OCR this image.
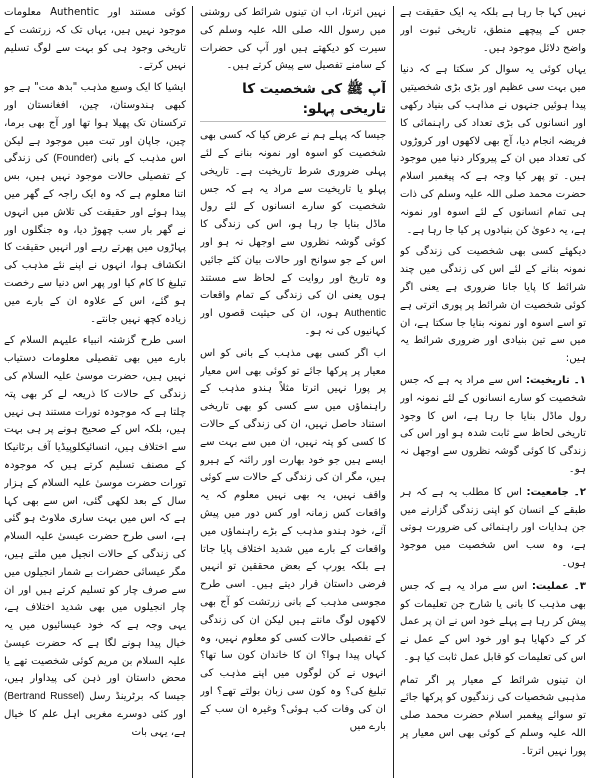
نہیں کہا جا رہا ہے بلکہ یہ ایک حقیقت ہے جس کے پیچھے منطق، تاریخی ثبوت اور واضح دلائل موجود ہیں۔

یہاں کوئی یہ سوال کر سکتا ہے کہ دنیا میں بہت سی عظیم اور بڑی بڑی شخصیتیں پیدا ہوئیں جنہوں نے مذاہب کی بنیاد رکھی اور انسانوں کی بڑی تعداد کی راہنمائی کا فریضہ انجام دیا، آج بھی لاکھوں اور کروڑوں کی تعداد میں ان کے پیروکار دنیا میں موجود ہیں۔ تو پھر کیا وجہ ہے کہ پیغمبر اسلام حضرت محمد صلی اللہ علیہ وسلم کی ذات ہی تمام انسانوں کے لئے اسوہ اور نمونہ ہے، یہ دعویٰ کن بنیادوں پر کیا جا رہا ہے۔

دیکھئے کسی بھی شخصیت کی زندگی کو نمونہ بنانے کے لئے اس کی زندگی میں چند شرائط کا پایا جانا ضروری ہے یعنی اگر کوئی شخصیت ان شرائط پر پوری اترتی ہے تو اسے اسوہ اور نمونہ بنایا جا سکتا ہے، ان میں سے تین بنیادی اور ضروری شرائط یہ ہیں:

۱۔ تاریخیت: اس سے مراد یہ ہے کہ جس شخصیت کو سارے انسانوں کے لئے نمونہ اور رول ماڈل بنایا جا رہا ہے، اس کا وجود تاریخی لحاظ سے ثابت شدہ ہو اور اس کی زندگی کا کوئی گوشہ نظروں سے اوجھل نہ ہو۔
۲۔ جامعیت: اس کا مطلب یہ ہے کہ ہر طبقے کے انسان کو اپنی زندگی گزارنے میں جن ہدایات اور راہنمائی کی ضرورت ہوتی ہے، وہ سب اس شخصیت میں موجود ہوں۔
۳۔ عملیت: اس سے مراد یہ ہے کہ جس بھی مذہب کا بانی یا شارح جن تعلیمات کو پیش کر رہا ہے پہلے خود اس نے ان پر عمل کر کے دکھایا ہو اور خود اس کے عمل نے اس کی تعلیمات کو قابل عمل ثابت کیا ہو۔

ان تینوں شرائط کے معیار پر اگر تمام مذہبی شخصیات کی زندگیوں کو پرکھا جائے تو سوائے پیغمبر اسلام حضرت محمد صلی اللہ علیہ وسلم کے کوئی بھی اس معیار پر پورا نہیں اترتا۔

نہیں اترتا، اب ان تینوں شرائط کی روشنی میں رسول اللہ صلی اللہ علیہ وسلم کی سیرت کو دیکھتے ہیں اور آپ کی حضرات کے سامنے تفصیل سے پیش کرتے ہیں۔

آپ ﷺ کی شخصیت کا تاریخی پہلو:

جیسا کہ پہلے ہم نے عرض کیا کہ کسی بھی شخصیت کو اسوہ اور نمونہ بنانے کے لئے پہلی ضروری شرط تاریخیت ہے۔ تاریخی پہلو یا تاریخیت سے مراد یہ ہے کہ جس شخصیت کو سارے انسانوں کے لئے رول ماڈل بنایا جا رہا ہو، اس کی زندگی کا کوئی گوشہ نظروں سے اوجھل نہ ہو اور اس کے جو سوانح اور حالات بیان کئے جائیں وہ تاریخ اور روایت کے لحاظ سے مستند ہوں یعنی ان کی زندگی کے تمام واقعات Authentic ہوں، ان کی حیثیت قصوں اور کہانیوں کی نہ ہو۔

اب اگر کسی بھی مذہب کے بانی کو اس معیار پر پرکھا جائے تو کوئی بھی اس معیار پر پورا نہیں اترتا مثلاً ہندو مذہب کے راہنماؤں میں سے کسی کو بھی تاریخی استناد حاصل نہیں، ان کی زندگی کے حالات کا کسی کو پتہ نہیں، ان میں سے بہت سے ایسے ہیں جو خود بھارت اور رائنہ کے ہیرو ہیں، مگر ان کی زندگی کے حالات سے کوئی واقف نہیں، یہ بھی نہیں معلوم کہ یہ واقعات کس زمانہ اور کس دور میں پیش آئے، خود ہندو مذہب کے بڑے راہنماؤں میں واقعات کے بارے میں شدید اختلاف پایا جاتا ہے بلکہ یورپ کے بعض محققین تو انہیں فرضی داستان قرار دیتے ہیں۔ اسی طرح مجوسی مذہب کے بانی زرتشت کو آج بھی لاکھوں لوگ مانتے ہیں لیکن ان کی زندگی کے تفصیلی حالات کسی کو معلوم نہیں، وہ کہاں پیدا ہوا؟ ان کا خاندان کون سا تھا؟ انہوں نے کن لوگوں میں اپنے مذہب کی تبلیغ کی؟ وہ کون سی زبان بولتے تھے؟ اور ان کی وفات کب ہوئی؟ وغیرہ ان سب کے بارے میں

کوئی مستند اور Authentic معلومات موجود نہیں ہیں، یہاں تک کہ زرتشت کے تاریخی وجود ہی کو بہت سے لوگ تسلیم نہیں کرتے۔

ایشیا کا ایک وسیع مذہب "بدھ مت" ہے جو کبھی ہندوستان، چین، افغانستان اور ترکستان تک پھیلا ہوا تھا اور آج بھی برما، چین، جاپان اور تبت میں موجود ہے لیکن اس مذہب کے بانی (Founder) کی زندگی کے تفصیلی حالات موجود نہیں ہیں، بس اتنا معلوم ہے کہ وہ ایک راجہ کے گھر میں پیدا ہوئے اور حقیقت کی تلاش میں انہوں نے گھر بار سب چھوڑ دیا، وہ جنگلوں اور پہاڑوں میں پھرتے رہے اور انہیں حقیقت کا انکشاف ہوا، انہوں نے اپنے نئے مذہب کی تبلیغ کا کام کیا اور پھر اس دنیا سے رخصت ہو گئے، اس کے علاوہ ان کے بارے میں زیادہ کچھ نہیں جانتے۔

اسی طرح گزشتہ انبیاء علیہم السلام کے بارے میں بھی تفصیلی معلومات دستیاب نہیں ہیں، حضرت موسیٰ علیہ السلام کی زندگی کے حالات کا ذریعہ لے کر بھی پتہ چلتا ہے کہ موجودہ تورات مستند ہی نہیں ہیں، بلکہ اس کے صحیح ہونے پر ہی بہت سے اختلاف ہیں، انسائیکلوپیڈیا آف برٹانیکا کے مصنف تسلیم کرتے ہیں کہ موجودہ تورات حضرت موسیٰ علیہ السلام کے ہزار سال کے بعد لکھی گئی، اس سے بھی کہا ہے کہ اس میں بہت ساری ملاوٹ ہو گئی ہے، اسی طرح حضرت عیسیٰ علیہ السلام کی زندگی کے حالات انجیل میں ملتے ہیں، مگر عیسائی حضرات بے شمار انجیلوں میں سے صرف چار کو تسلیم کرتے ہیں اور ان چار انجیلوں میں بھی شدید اختلاف ہے، یہی وجہ ہے کہ خود عیسائیوں میں یہ خیال پیدا ہونے لگا ہے کہ حضرت عیسیٰ علیہ السلام بن مریم کوئی شخصیت تھے یا محض داستان اور ذہن کی پیداوار ہیں، جیسا کہ برٹرینڈ رسل (Bertrand Russel) اور کئی دوسرے مغربی اہل علم کا خیال ہے، یہی بات
